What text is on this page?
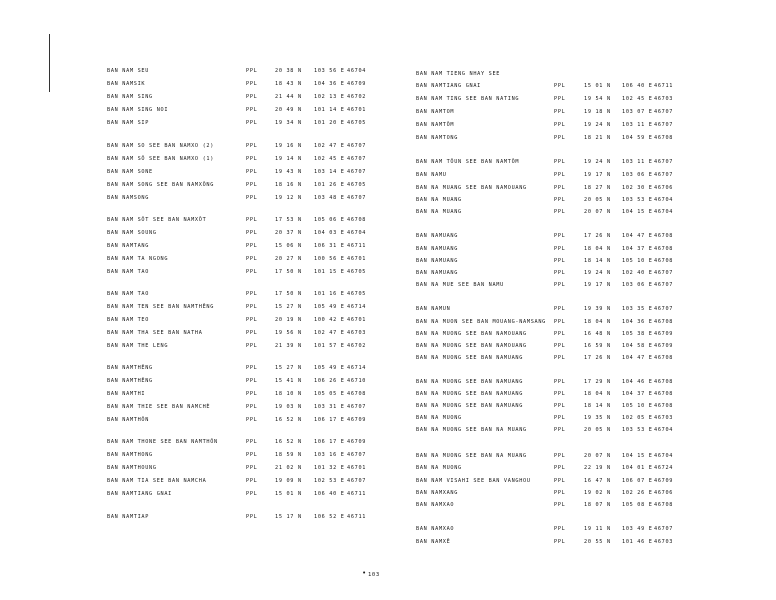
BAN NAM SEU	PPL	20 38 N 103 56 E 46704
BAN NAMSIK	PPL	18 43 N 104 36 E 46709
BAN NAM SING	PPL	21 44 N 102 13 E 46702
BAN NAM SING NOI	PPL	20 49 N 101 14 E 46701
BAN NAM SIP	PPL	19 34 N 101 20 E 46705
BAN NAM SO SEE BAN NAMXO (2)	PPL	19 16 N 102 47 E 46707
BAN NAM SÔ SEE BAN NAMXO (1)	PPL	19 14 N 102 45 E 46707
BAN NAM SONE	PPL	19 43 N 103 14 E 46707
BAN NAM SONG SEE BAN NAMXÔNG	PPL	18 16 N 101 26 E 46705
BAN NAMSONG	PPL	19 12 N 103 48 E 46707
BAN NAM SÔT SEE BAN NAMXÔT	PPL	17 53 N 105 06 E 46708
BAN NAM SOUNG	PPL	20 37 N 104 03 E 46704
BAN NAMTANG	PPL	15 06 N 106 31 E 46711
BAN NAM TA NGONG	PPL	20 27 N 100 56 E 46701
BAN NAM TAO	PPL	17 50 N 101 15 E 46705
BAN NAM TAO	PPL	17 50 N 101 16 E 46705
BAN NAM TEN SEE BAN NAMTHÊNG	PPL	15 27 N 105 49 E 46714
BAN NAM TEO	PPL	20 19 N 100 42 E 46701
BAN NAM THA SEE BAN NATHA	PPL	19 56 N 102 47 E 46703
BAN NAM THE LENG	PPL	21 39 N 101 57 E 46702
BAN NAMTHÊNG	PPL	15 27 N 105 49 E 46714
BAN NAMTHÊNG	PPL	15 41 N 106 26 E 46710
BAN NAMTHI	PPL	18 10 N 105 05 E 46708
BAN NAM THIE SEE BAN NAMCHÈ	PPL	19 03 N 103 31 E 46707
BAN NAMTHÔN	PPL	16 52 N 106 17 E 46709
BAN NAM THONE SEE BAN NAMTHÔN	PPL	16 52 N 106 17 E 46709
BAN NAMTHONG	PPL	18 59 N 103 16 E 46707
BAN NAMTHOUNG	PPL	21 02 N 101 32 E 46701
BAN NAM TIA SEE BAN NAMCHA	PPL	19 09 N 102 53 E 46707
BAN NAMTIANG GNAI	PPL	15 01 N 106 40 E 46711
BAN NAMTIAP	PPL	15 17 N 106 52 E 46711
BAN NAM TIENG NHAY SEE
BAN NAMTIANG GNAI	PPL	15 01 N 106 40 E 46711
BAN NAM TING SEE BAN NATING	PPL	19 54 N 102 45 E 46703
BAN NAMTOM	PPL	19 18 N 103 07 E 46707
BAN NAMTÔM	PPL	19 24 N 103 11 E 46707
BAN NAMTONG	PPL	18 21 N 104 59 E 46708
BAN NAM TÔUN SEE BAN NAMTÔM	PPL	19 24 N 103 11 E 46707
BAN NAMU	PPL	19 17 N 103 06 E 46707
BAN NA MUANG SEE BAN NAMOUANG	PPL	18 27 N 102 30 E 46706
BAN NA MUANG	PPL	20 05 N 103 53 E 46704
BAN NA MUANG	PPL	20 07 N 104 15 E 46704
BAN NAMUANG	PPL	17 26 N 104 47 E 46708
BAN NAMUANG	PPL	18 04 N 104 37 E 46708
BAN NAMUANG	PPL	18 14 N 105 10 E 46708
BAN NAMUANG	PPL	19 24 N 102 40 E 46707
BAN NA MUE SEE BAN NAMU	PPL	19 17 N 103 06 E 46707
BAN NAMUN	PPL	19 39 N 103 35 E 46707
BAN NA MUON SEE BAN MOUANG-NAMSANG PPL	18 04 N 104 36 E 46708
BAN NA MUONG SEE BAN NAMOUANG	PPL	16 48 N 105 38 E 46709
BAN NA MUONG SEE BAN NAMOUANG	PPL	16 59 N 104 58 E 46709
BAN NA MUONG SEE BAN NAMUANG	PPL	17 26 N 104 47 E 46708
BAN NA MUONG SEE BAN NAMUANG	PPL	17 29 N 104 46 E 46708
BAN NA MUONG SEE BAN NAMUANG	PPL	18 04 N 104 37 E 46708
BAN NA MUONG SEE BAN NAMUANG	PPL	18 14 N 105 10 E 46708
BAN NA MUONG	PPL	19 35 N 102 05 E 46703
BAN NA MUONG SEE BAN NA MUANG	PPL	20 05 N 103 53 E 46704
BAN NA MUONG SEE BAN NA MUANG	PPL	20 07 N 104 15 E 46704
BAN NA MUONG	PPL	22 19 N 104 01 E 46724
BAN NAM VISAHI SEE BAN VANGHOU	PPL	16 47 N 106 07 E 46709
BAN NAMXANG	PPL	19 02 N 102 26 E 46706
BAN NAMXAO	PPL	18 07 N 105 08 E 46708
BAN NAMXAO	PPL	19 11 N 103 49 E 46707
BAN NAMXÊ	PPL	20 55 N 101 46 E 46703
• 103
